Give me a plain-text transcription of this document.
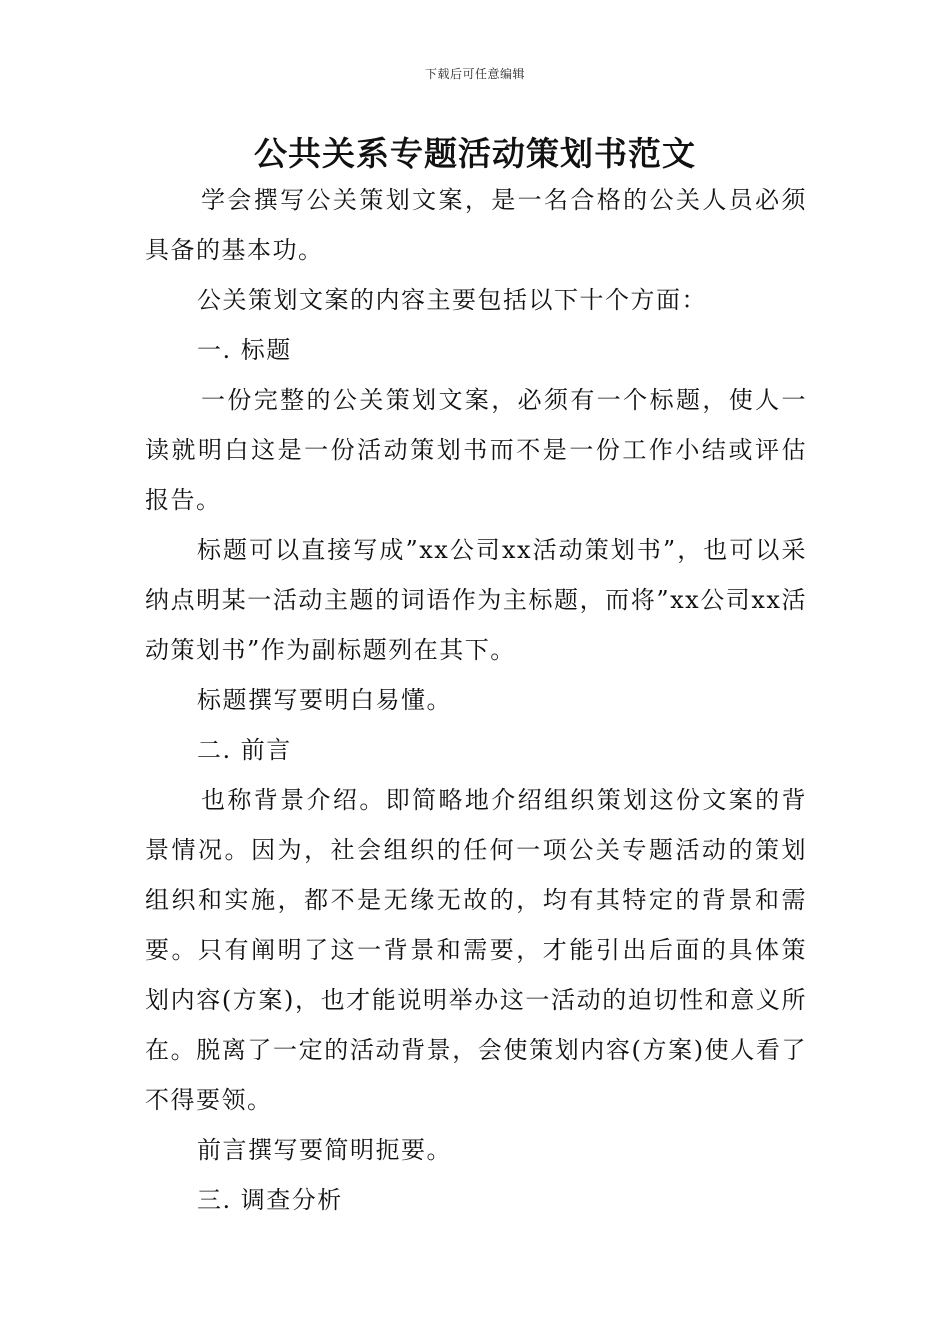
下载后可任意编辑
公共关系专题活动策划书范文

学会撰写公关策划文案，是一名合格的公关人员必须具备的基本功。

公关策划文案的内容主要包括以下十个方面：

一. 标题

一份完整的公关策划文案，必须有一个标题，使人一读就明白这是一份活动策划书而不是一份工作小结或评估报告。

标题可以直接写成”xx公司xx活动策划书”，也可以采纳点明某一活动主题的词语作为主标题，而将”xx公司xx活动策划书”作为副标题列在其下。

标题撰写要明白易懂。

二. 前言

也称背景介绍。即简略地介绍组织策划这份文案的背景情况。因为，社会组织的任何一项公关专题活动的策划组织和实施，都不是无缘无故的，均有其特定的背景和需要。只有阐明了这一背景和需要，才能引出后面的具体策划内容(方案)，也才能说明举办这一活动的迫切性和意义所在。脱离了一定的活动背景，会使策划内容(方案)使人看了不得要领。

前言撰写要简明扼要。

三. 调查分析
